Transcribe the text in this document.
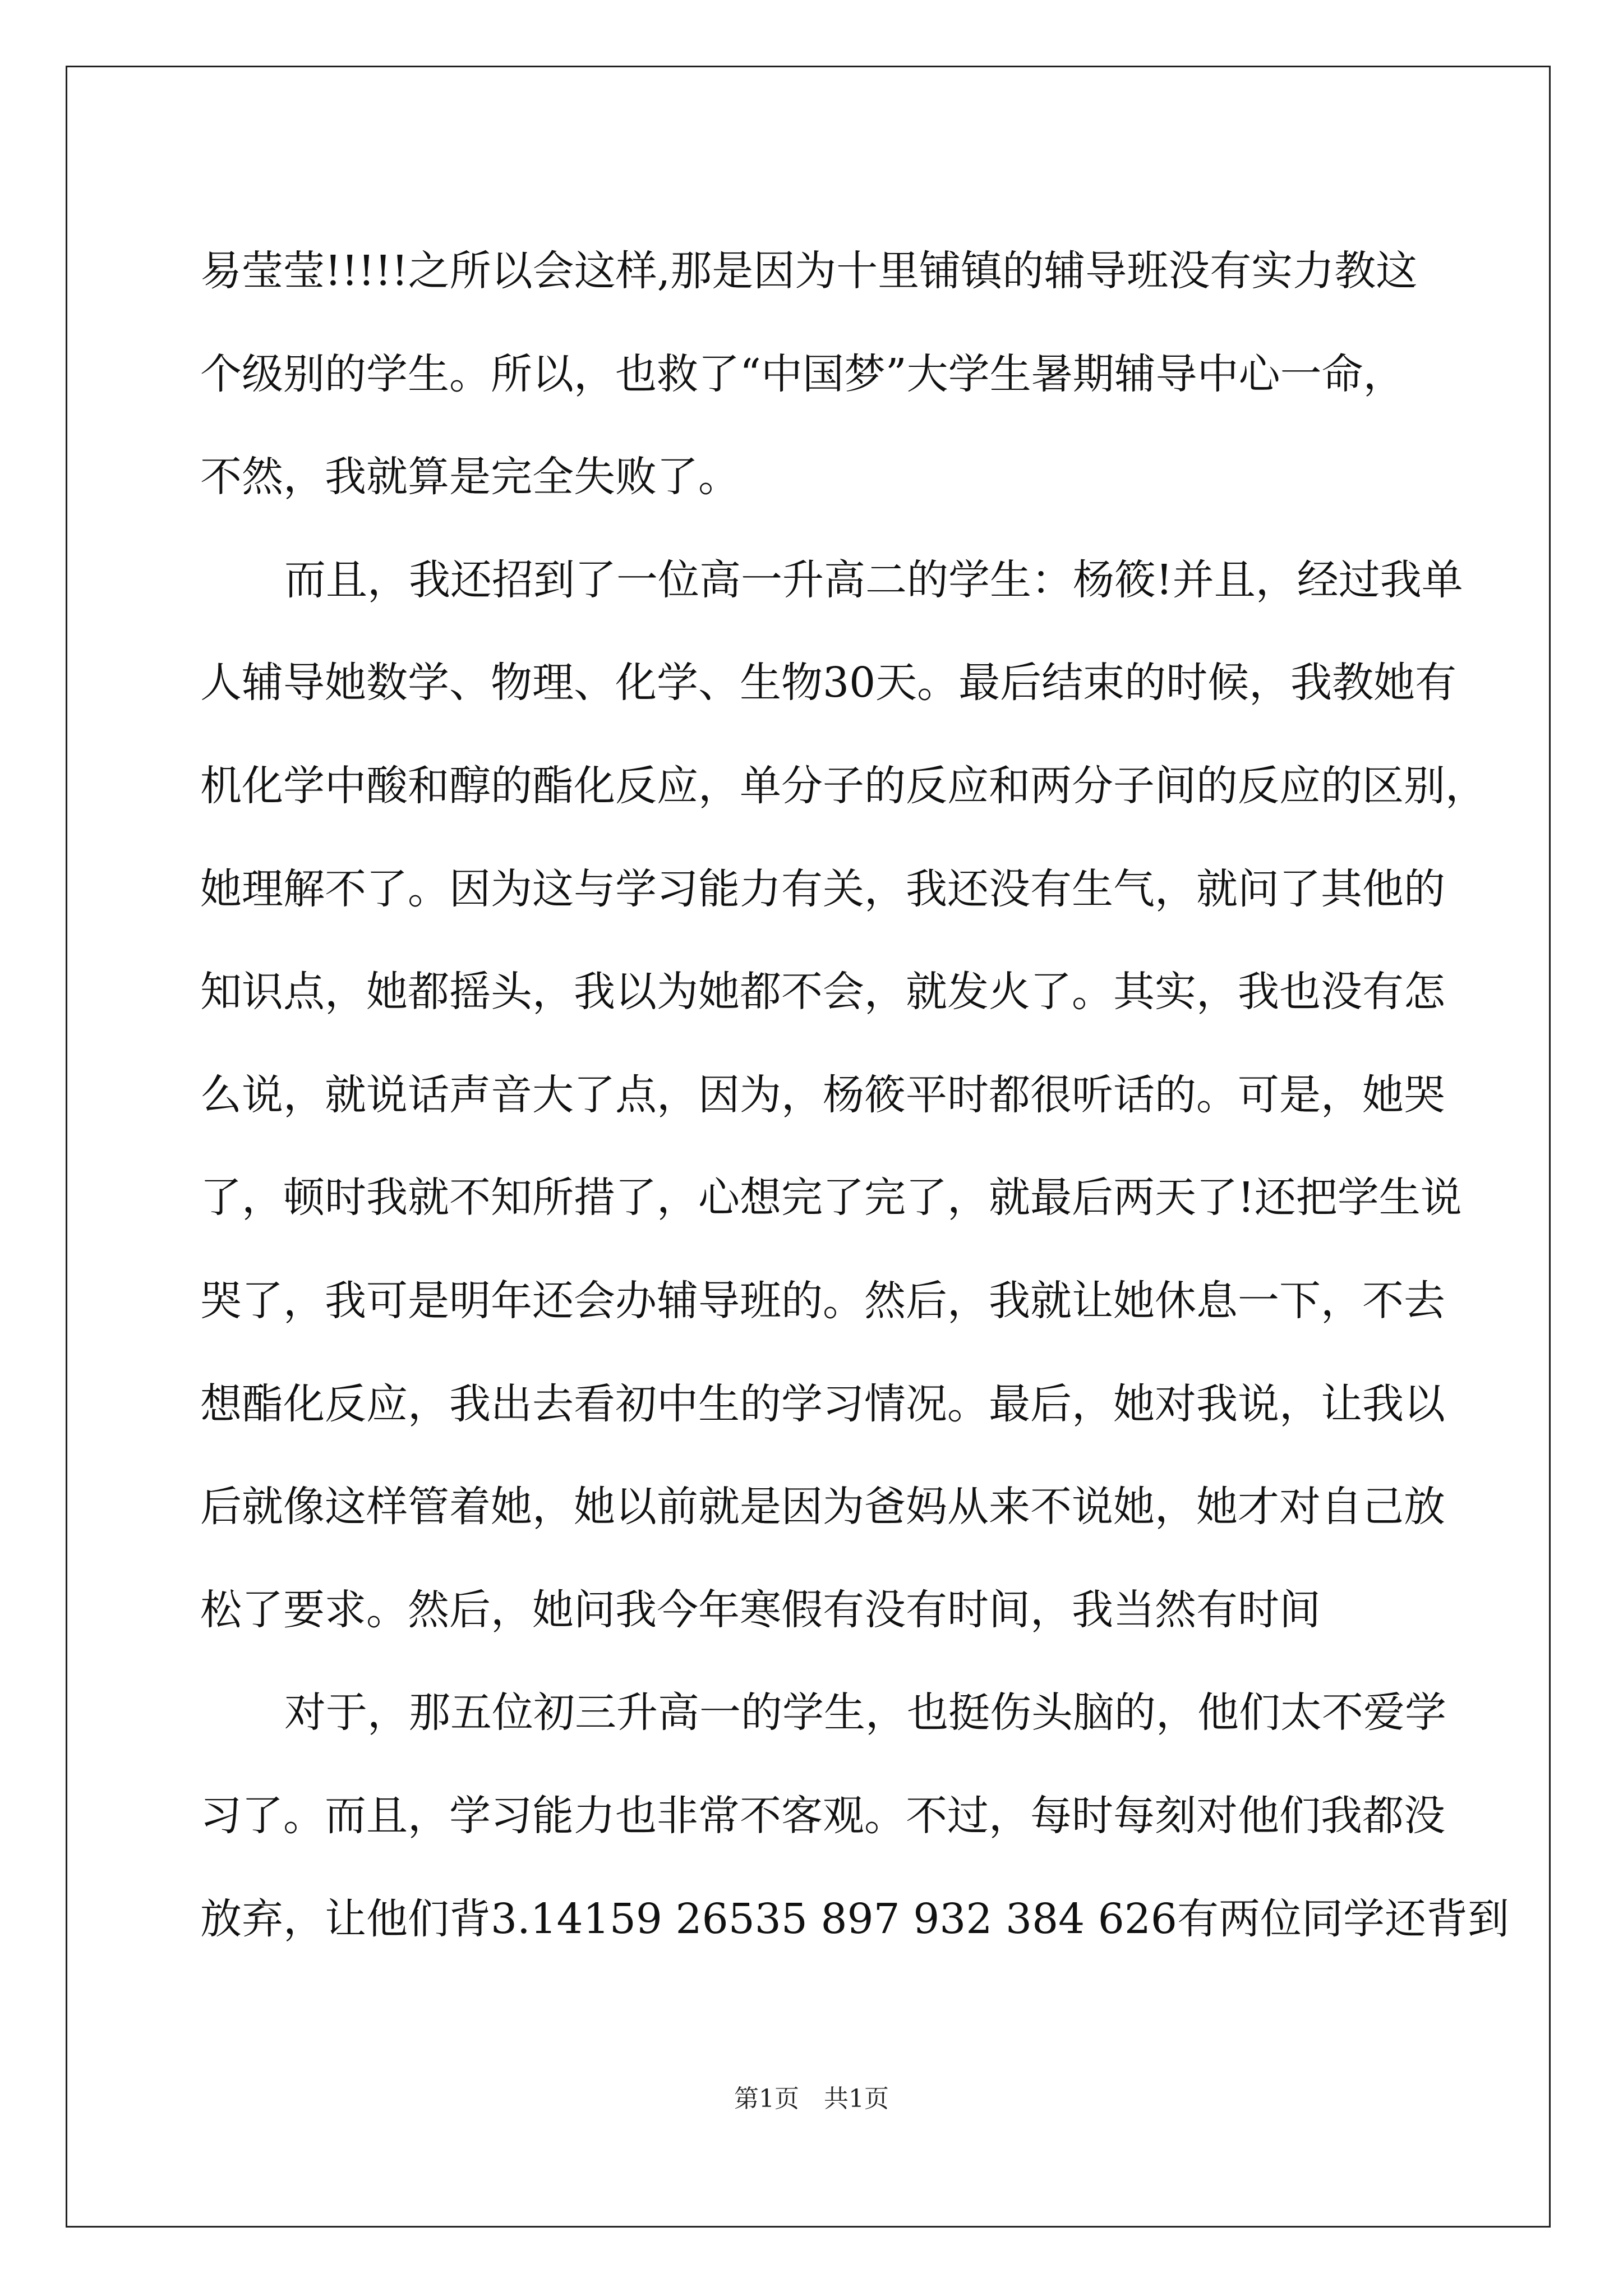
易莹莹!!!!!之所以会这样,那是因为十里铺镇的辅导班没有实力教这
个级别的学生。所以，也救了“中国梦”大学生暑期辅导中心一命，
不然，我就算是完全失败了。
而且，我还招到了一位高一升高二的学生：杨筱!并且，经过我单
人辅导她数学、物理、化学、生物30天。最后结束的时候，我教她有
机化学中酸和醇的酯化反应，单分子的反应和两分子间的反应的区别，
她理解不了。因为这与学习能力有关，我还没有生气，就问了其他的
知识点，她都摇头，我以为她都不会，就发火了。其实，我也没有怎
么说，就说话声音大了点，因为，杨筱平时都很听话的。可是，她哭
了，顿时我就不知所措了，心想完了完了，就最后两天了!还把学生说
哭了，我可是明年还会办辅导班的。然后，我就让她休息一下，不去
想酯化反应，我出去看初中生的学习情况。最后，她对我说，让我以
后就像这样管着她，她以前就是因为爸妈从来不说她，她才对自己放
松了要求。然后，她问我今年寒假有没有时间，我当然有时间
对于，那五位初三升高一的学生，也挺伤头脑的，他们太不爱学
习了。而且，学习能力也非常不客观。不过，每时每刻对他们我都没
放弃，让他们背3.14159 26535 897 932 384 626有两位同学还背到
第1页　共1页
